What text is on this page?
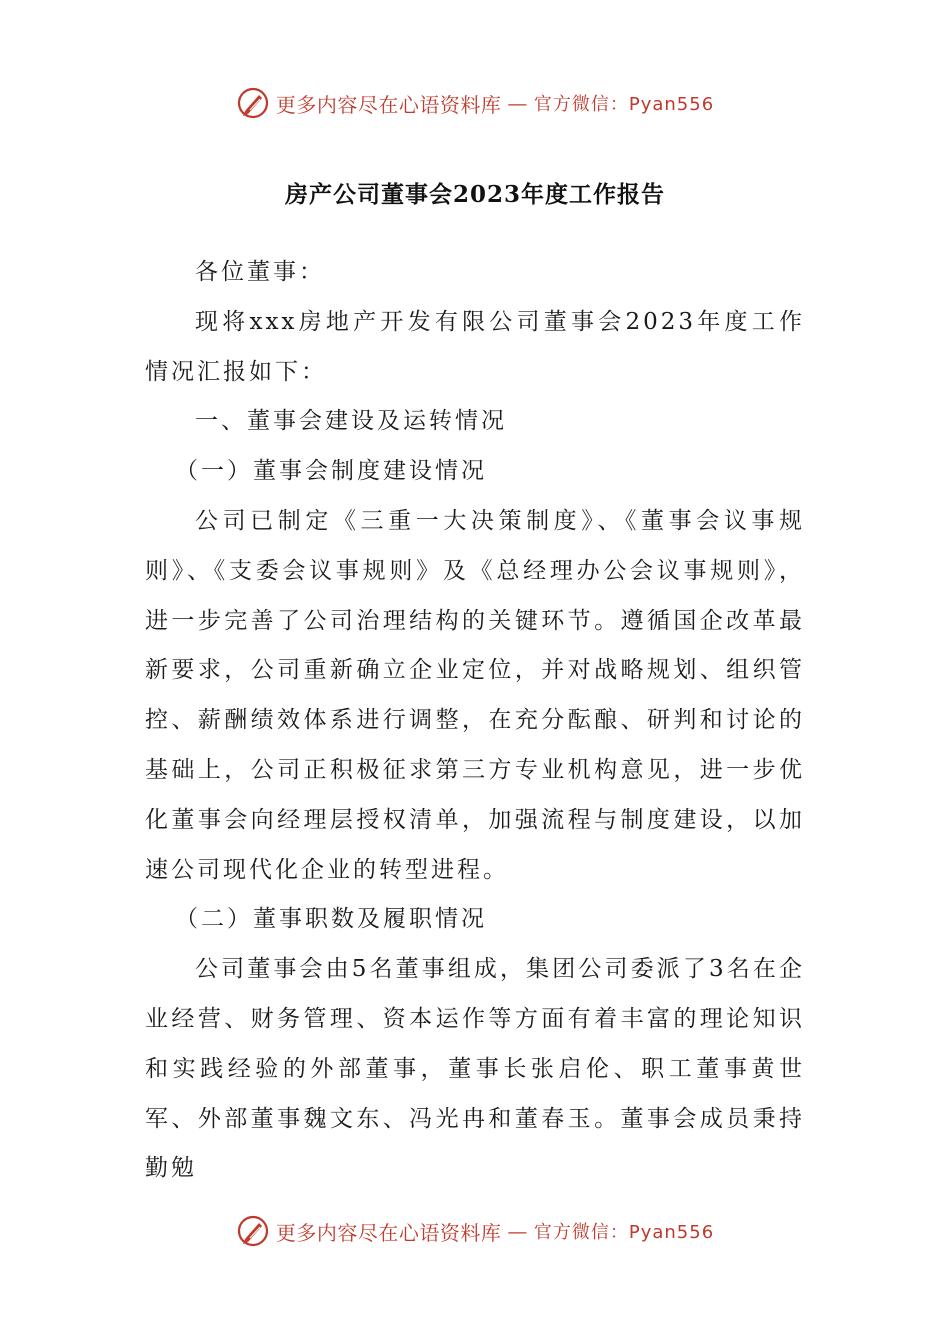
更多内容尽在心语资料库 — 官方微信：Pyan556
房产公司董事会2023年度工作报告

各位董事：

现将xxx房地产开发有限公司董事会2023年度工作情况汇报如下：

一、董事会建设及运转情况

（一）董事会制度建设情况

公司已制定《三重一大决策制度》、《董事会议事规则》、《支委会议事规则》及《总经理办公会议事规则》，进一步完善了公司治理结构的关键环节。遵循国企改革最新要求，公司重新确立企业定位，并对战略规划、组织管控、薪酬绩效体系进行调整，在充分酝酿、研判和讨论的基础上，公司正积极征求第三方专业机构意见，进一步优化董事会向经理层授权清单，加强流程与制度建设，以加速公司现代化企业的转型进程。

（二）董事职数及履职情况

公司董事会由5名董事组成，集团公司委派了3名在企业经营、财务管理、资本运作等方面有着丰富的理论知识和实践经验的外部董事，董事长张启伦、职工董事黄世军、外部董事魏文东、冯光冉和董春玉。董事会成员秉持勤勉

更多内容尽在心语资料库 — 官方微信：Pyan556
